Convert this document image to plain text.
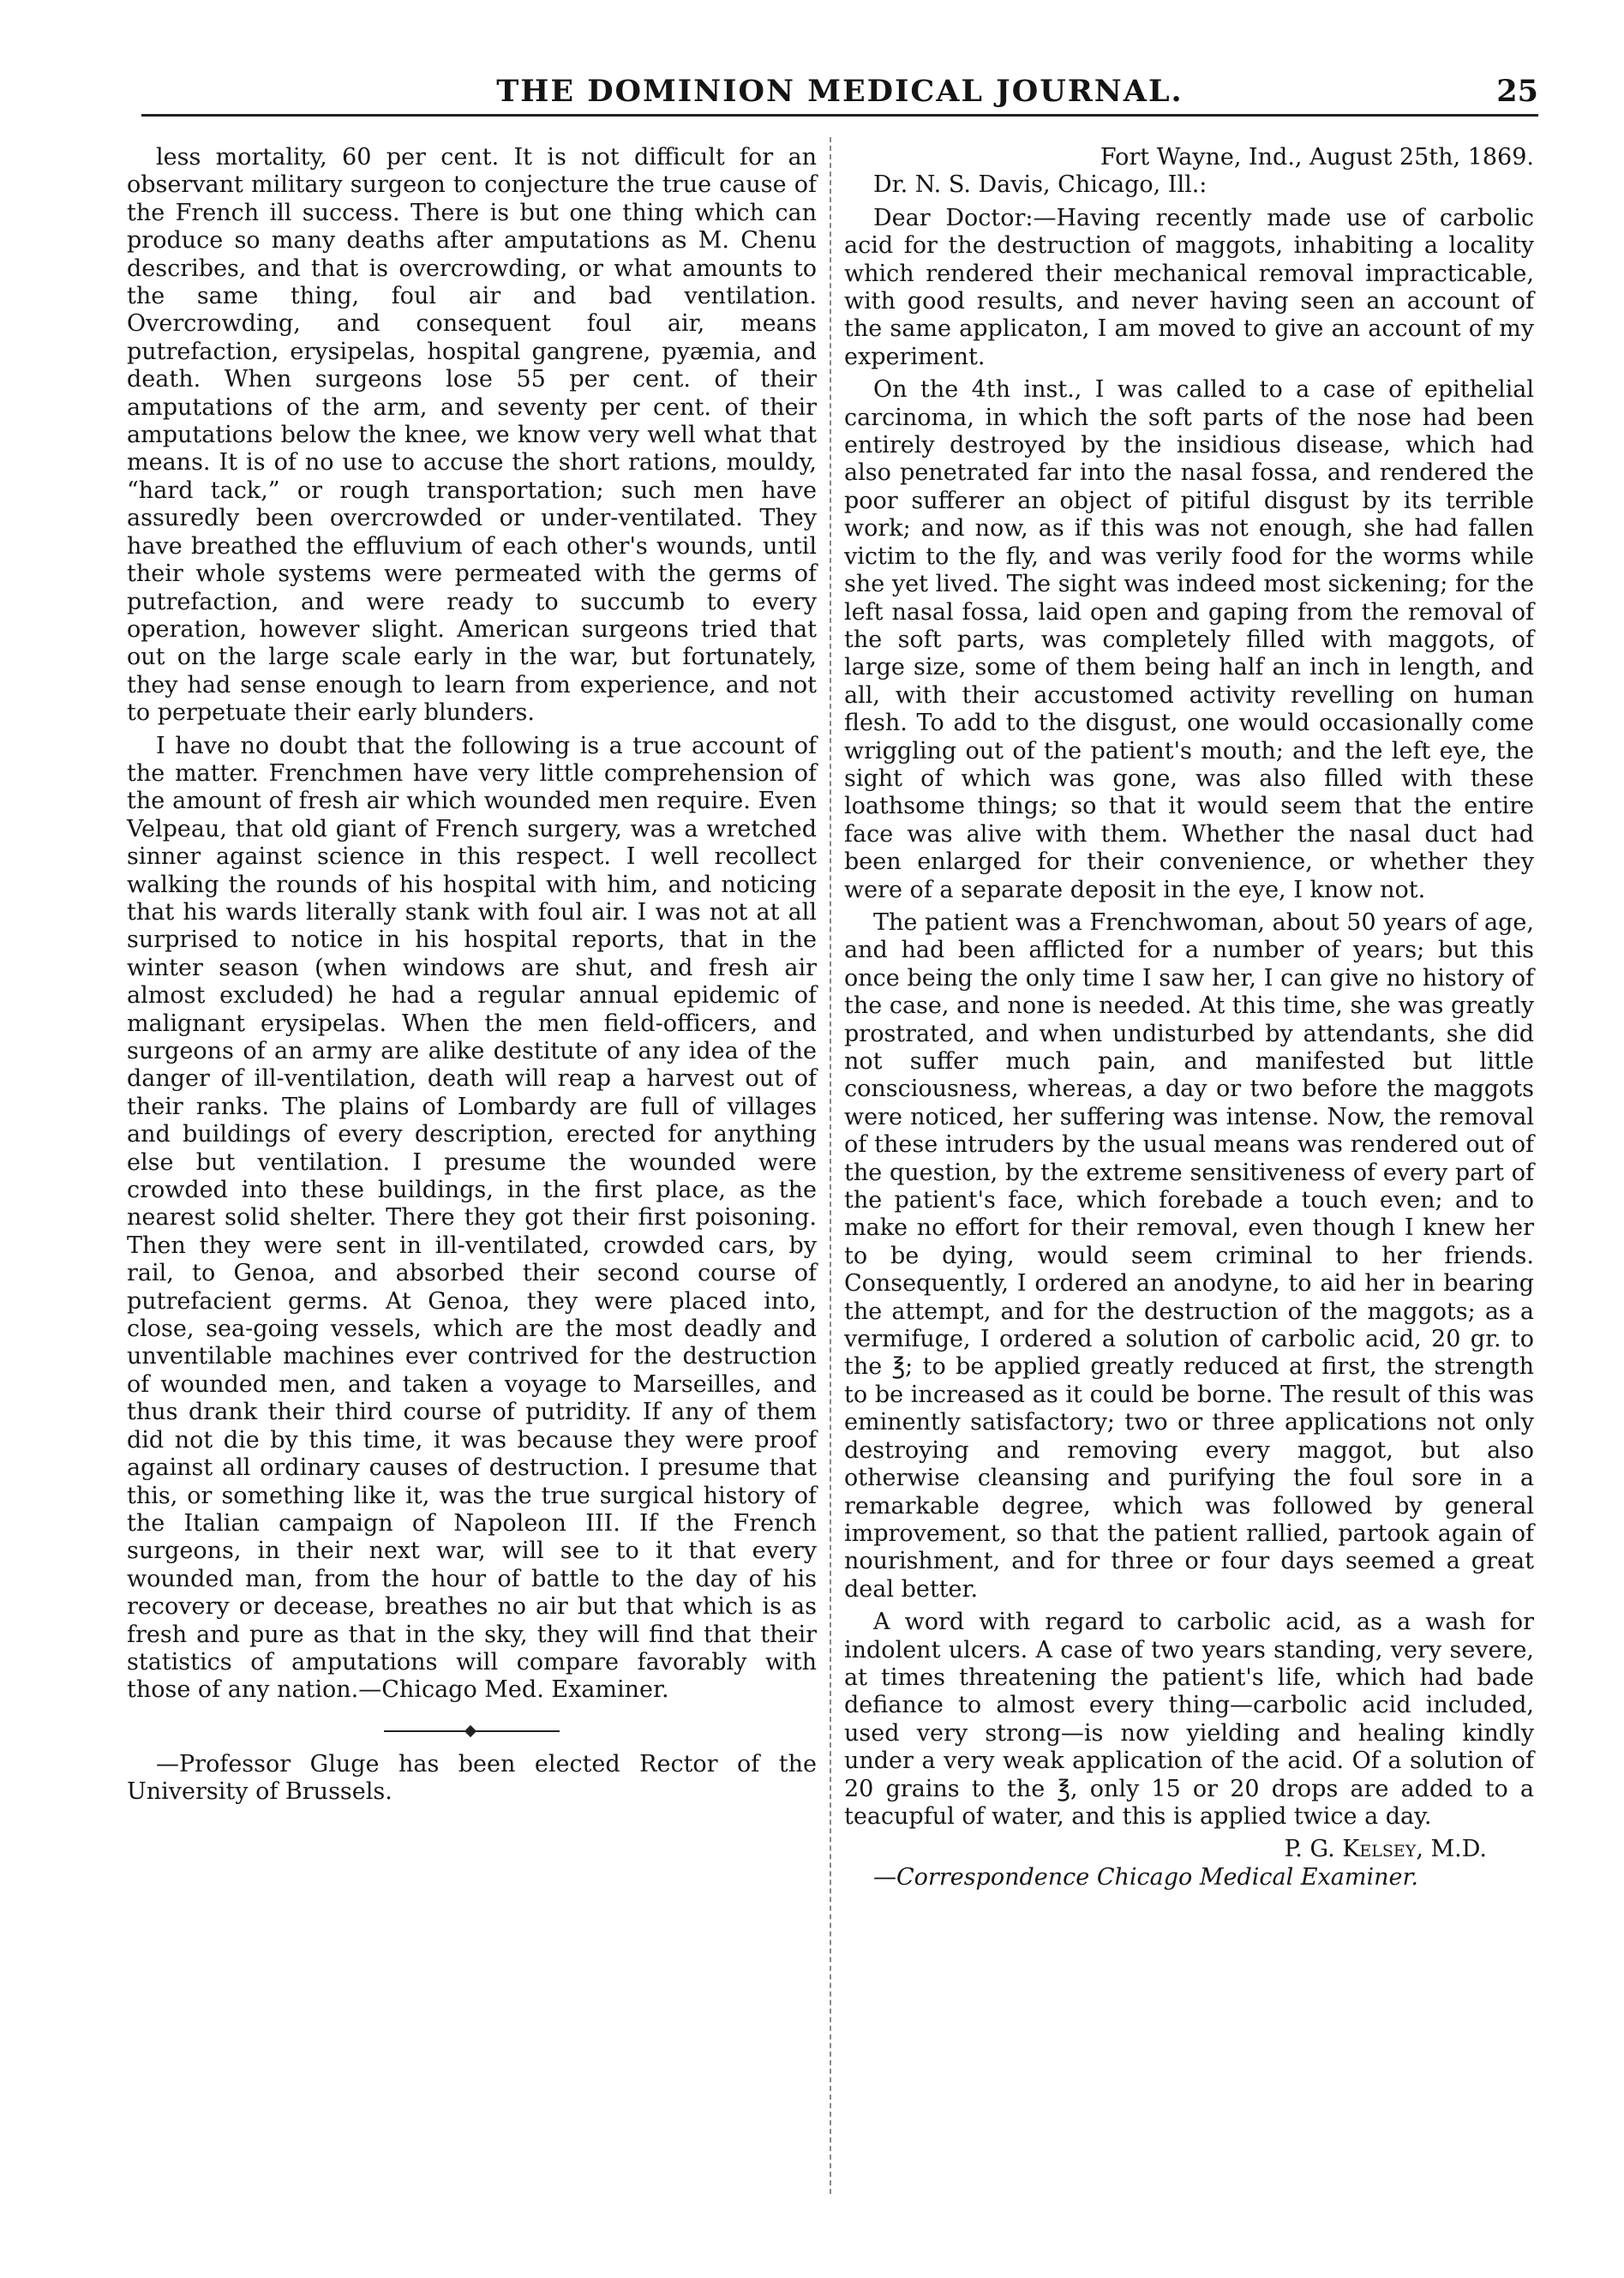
THE DOMINION MEDICAL JOURNAL.	25

less mortality, 60 per cent. It is not difficult for an observant military surgeon to conjecture the true cause of the French ill success. There is but one thing which can produce so many deaths after amputations as M. Chenu describes, and that is overcrowding, or what amounts to the same thing, foul air and bad ventilation. Overcrowding, and consequent foul air, means putrefaction, erysipelas, hospital gangrene, pyæmia, and death. When surgeons lose 55 per cent. of their amputations of the arm, and seventy per cent. of their amputations below the knee, we know very well what that means. It is of no use to accuse the short rations, mouldy, “hard tack,” or rough transportation; such men have assuredly been overcrowded or under-ventilated. They have breathed the effluvium of each other's wounds, until their whole systems were permeated with the germs of putrefaction, and were ready to succumb to every operation, however slight. American surgeons tried that out on the large scale early in the war, but fortunately, they had sense enough to learn from experience, and not to perpetuate their early blunders.

I have no doubt that the following is a true account of the matter. Frenchmen have very little comprehension of the amount of fresh air which wounded men require. Even Velpeau, that old giant of French surgery, was a wretched sinner against science in this respect. I well recollect walking the rounds of his hospital with him, and noticing that his wards literally stank with foul air. I was not at all surprised to notice in his hospital reports, that in the winter season (when windows are shut, and fresh air almost excluded) he had a regular annual epidemic of malignant erysipelas. When the men field-officers, and surgeons of an army are alike destitute of any idea of the danger of ill-ventilation, death will reap a harvest out of their ranks. The plains of Lombardy are full of villages and buildings of every description, erected for anything else but ventilation. I presume the wounded were crowded into these buildings, in the first place, as the nearest solid shelter. There they got their first poisoning. Then they were sent in ill-ventilated, crowded cars, by rail, to Genoa, and absorbed their second course of putrefacient germs. At Genoa, they were placed into, close, sea-going vessels, which are the most deadly and unventilable machines ever contrived for the destruction of wounded men, and taken a voyage to Marseilles, and thus drank their third course of putridity. If any of them did not die by this time, it was because they were proof against all ordinary causes of destruction. I presume that this, or something like it, was the true surgical history of the Italian campaign of Napoleon III. If the French surgeons, in their next war, will see to it that every wounded man, from the hour of battle to the day of his recovery or decease, breathes no air but that which is as fresh and pure as that in the sky, they will find that their statistics of amputations will compare favorably with those of any nation.—Chicago Med. Examiner.

—Professor Gluge has been elected Rector of the University of Brussels.

Fort Wayne, Ind., August 25th, 1869.

Dr. N. S. Davis, Chicago, Ill.:

Dear Doctor:—Having recently made use of carbolic acid for the destruction of maggots, inhabiting a locality which rendered their mechanical removal impracticable, with good results, and never having seen an account of the same applicaton, I am moved to give an account of my experiment.

On the 4th inst., I was called to a case of epithelial carcinoma, in which the soft parts of the nose had been entirely destroyed by the insidious disease, which had also penetrated far into the nasal fossa, and rendered the poor sufferer an object of pitiful disgust by its terrible work; and now, as if this was not enough, she had fallen victim to the fly, and was verily food for the worms while she yet lived. The sight was indeed most sickening; for the left nasal fossa, laid open and gaping from the removal of the soft parts, was completely filled with maggots, of large size, some of them being half an inch in length, and all, with their accustomed activity revelling on human flesh. To add to the disgust, one would occasionally come wriggling out of the patient's mouth; and the left eye, the sight of which was gone, was also filled with these loathsome things; so that it would seem that the entire face was alive with them. Whether the nasal duct had been enlarged for their convenience, or whether they were of a separate deposit in the eye, I know not.

The patient was a Frenchwoman, about 50 years of age, and had been afflicted for a number of years; but this once being the only time I saw her, I can give no history of the case, and none is needed. At this time, she was greatly prostrated, and when undisturbed by attendants, she did not suffer much pain, and manifested but little consciousness, whereas, a day or two before the maggots were noticed, her suffering was intense. Now, the removal of these intruders by the usual means was rendered out of the question, by the extreme sensitiveness of every part of the patient's face, which forebade a touch even; and to make no effort for their removal, even though I knew her to be dying, would seem criminal to her friends. Consequently, I ordered an anodyne, to aid her in bearing the attempt, and for the destruction of the maggots; as a vermifuge, I ordered a solution of carbolic acid, 20 gr. to the ℥; to be applied greatly reduced at first, the strength to be increased as it could be borne. The result of this was eminently satisfactory; two or three applications not only destroying and removing every maggot, but also otherwise cleansing and purifying the foul sore in a remarkable degree, which was followed by general improvement, so that the patient rallied, partook again of nourishment, and for three or four days seemed a great deal better.

A word with regard to carbolic acid, as a wash for indolent ulcers. A case of two years standing, very severe, at times threatening the patient's life, which had bade defiance to almost every thing—carbolic acid included, used very strong—is now yielding and healing kindly under a very weak application of the acid. Of a solution of 20 grains to the ℥, only 15 or 20 drops are added to a teacupful of water, and this is applied twice a day.

P. G. Kelsey, M.D.

—Correspondence Chicago Medical Examiner.
